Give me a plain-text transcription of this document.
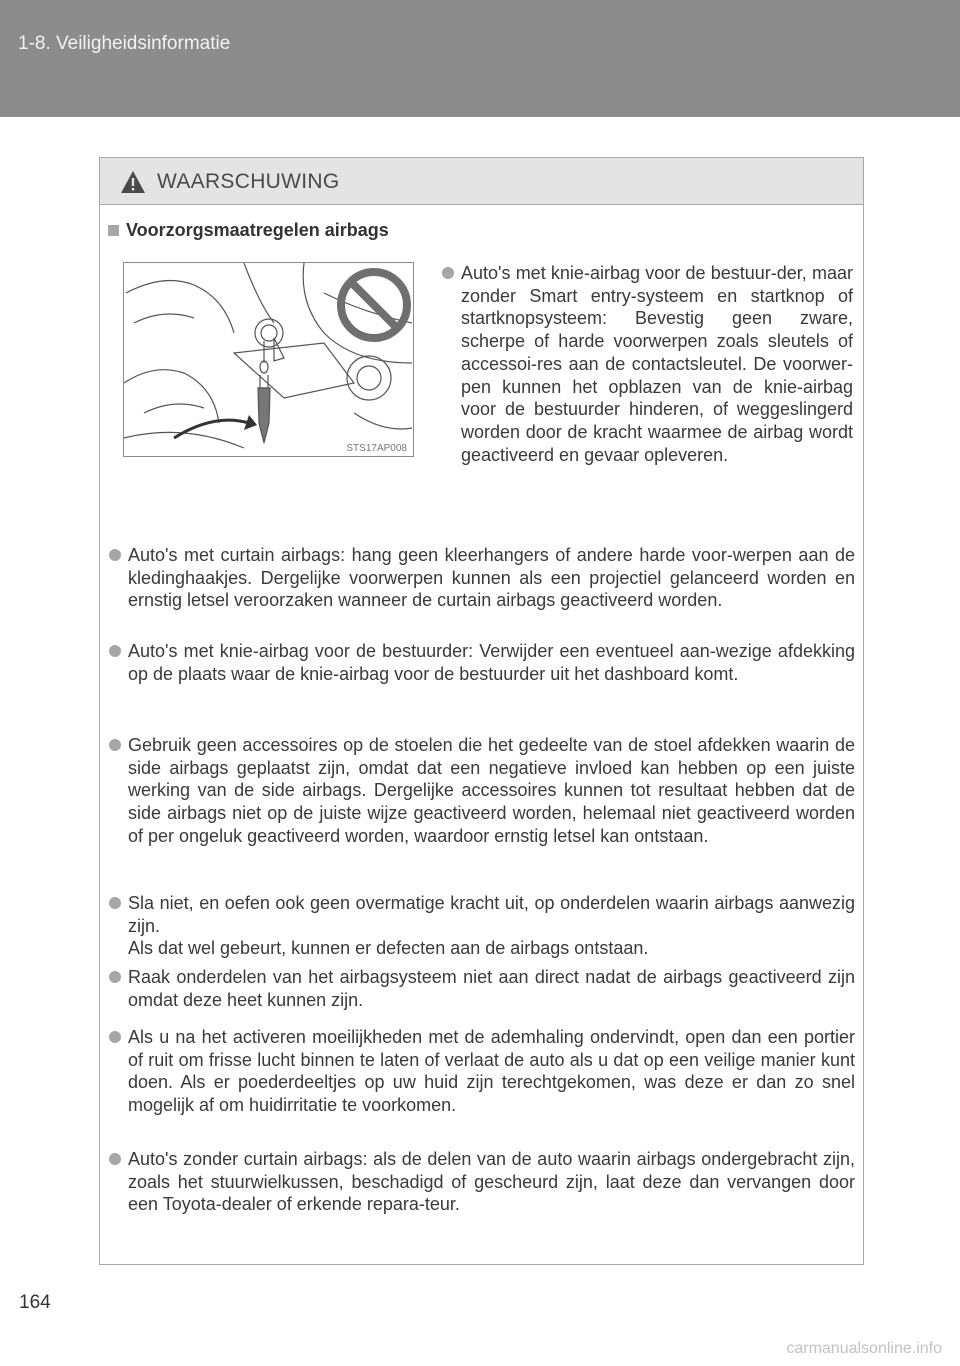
1-8. Veiligheidsinformatie
WAARSCHUWING
Voorzorgsmaatregelen airbags
STS17AP008
Auto's met knie-airbag voor de bestuur-der, maar zonder Smart entry-systeem en startknop of startknopsysteem: Bevestig geen zware, scherpe of harde voorwerpen zoals sleutels of accessoi-res aan de contactsleutel. De voorwer-pen kunnen het opblazen van de knie-airbag voor de bestuurder hinderen, of weggeslingerd worden door de kracht waarmee de airbag wordt geactiveerd en gevaar opleveren.
Auto's met curtain airbags: hang geen kleerhangers of andere harde voor-werpen aan de kledinghaakjes. Dergelijke voorwerpen kunnen als een projectiel gelanceerd worden en ernstig letsel veroorzaken wanneer de curtain airbags geactiveerd worden.
Auto's met knie-airbag voor de bestuurder: Verwijder een eventueel aan-wezige afdekking op de plaats waar de knie-airbag voor de bestuurder uit het dashboard komt.
Gebruik geen accessoires op de stoelen die het gedeelte van de stoel afdekken waarin de side airbags geplaatst zijn, omdat dat een negatieve invloed kan hebben op een juiste werking van de side airbags. Dergelijke accessoires kunnen tot resultaat hebben dat de side airbags niet op de juiste wijze geactiveerd worden, helemaal niet geactiveerd worden of per ongeluk geactiveerd worden, waardoor ernstig letsel kan ontstaan.
Sla niet, en oefen ook geen overmatige kracht uit, op onderdelen waarin airbags aanwezig zijn.
Als dat wel gebeurt, kunnen er defecten aan de airbags ontstaan.
Raak onderdelen van het airbagsysteem niet aan direct nadat de airbags geactiveerd zijn omdat deze heet kunnen zijn.
Als u na het activeren moeilijkheden met de ademhaling ondervindt, open dan een portier of ruit om frisse lucht binnen te laten of verlaat de auto als u dat op een veilige manier kunt doen. Als er poederdeeltjes op uw huid zijn terechtgekomen, was deze er dan zo snel mogelijk af om huidirritatie te voorkomen.
Auto's zonder curtain airbags: als de delen van de auto waarin airbags ondergebracht zijn, zoals het stuurwielkussen, beschadigd of gescheurd zijn, laat deze dan vervangen door een Toyota-dealer of erkende repara-teur.
164
carmanualsonline.info
